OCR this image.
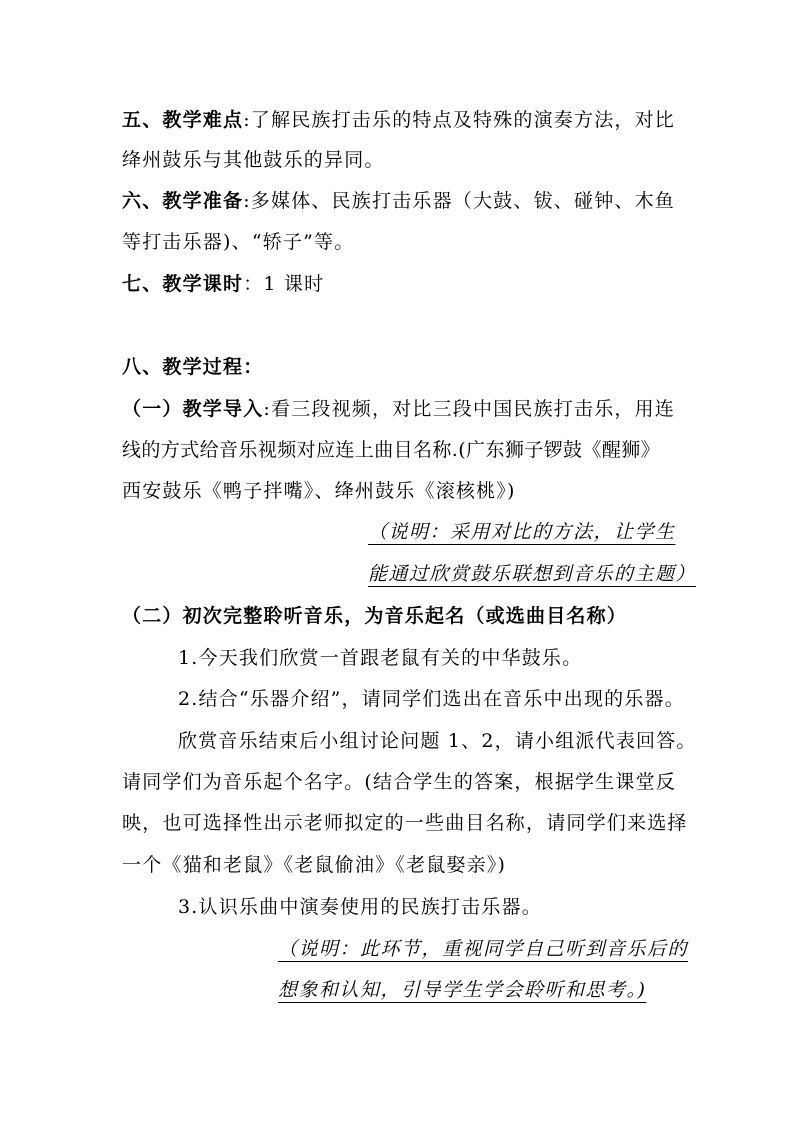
五、教学难点:了解民族打击乐的特点及特殊的演奏方法，对比
绛州鼓乐与其他鼓乐的异同。
六、教学准备:多媒体、民族打击乐器（大鼓、钹、碰钟、木鱼
等打击乐器)、“轿子”等。
七、教学课时：1 课时
八、教学过程：
（一）教学导入:看三段视频，对比三段中国民族打击乐，用连
线的方式给音乐视频对应连上曲目名称.(广东狮子锣鼓《醒狮》
西安鼓乐《鸭子拌嘴》、绛州鼓乐《滚核桃》)
（说明：采用对比的方法，让学生
能通过欣赏鼓乐联想到音乐的主题）
（二）初次完整聆听音乐，为音乐起名（或选曲目名称）
1.今天我们欣赏一首跟老鼠有关的中华鼓乐。
2.结合“乐器介绍”，请同学们选出在音乐中出现的乐器。
欣赏音乐结束后小组讨论问题 1、2，请小组派代表回答。
请同学们为音乐起个名字。(结合学生的答案，根据学生课堂反
映，也可选择性出示老师拟定的一些曲目名称，请同学们来选择
一个《猫和老鼠》《老鼠偷油》《老鼠娶亲》)
3.认识乐曲中演奏使用的民族打击乐器。
（说明：此环节，重视同学自己听到音乐后的
想象和认知，引导学生学会聆听和思考。)
